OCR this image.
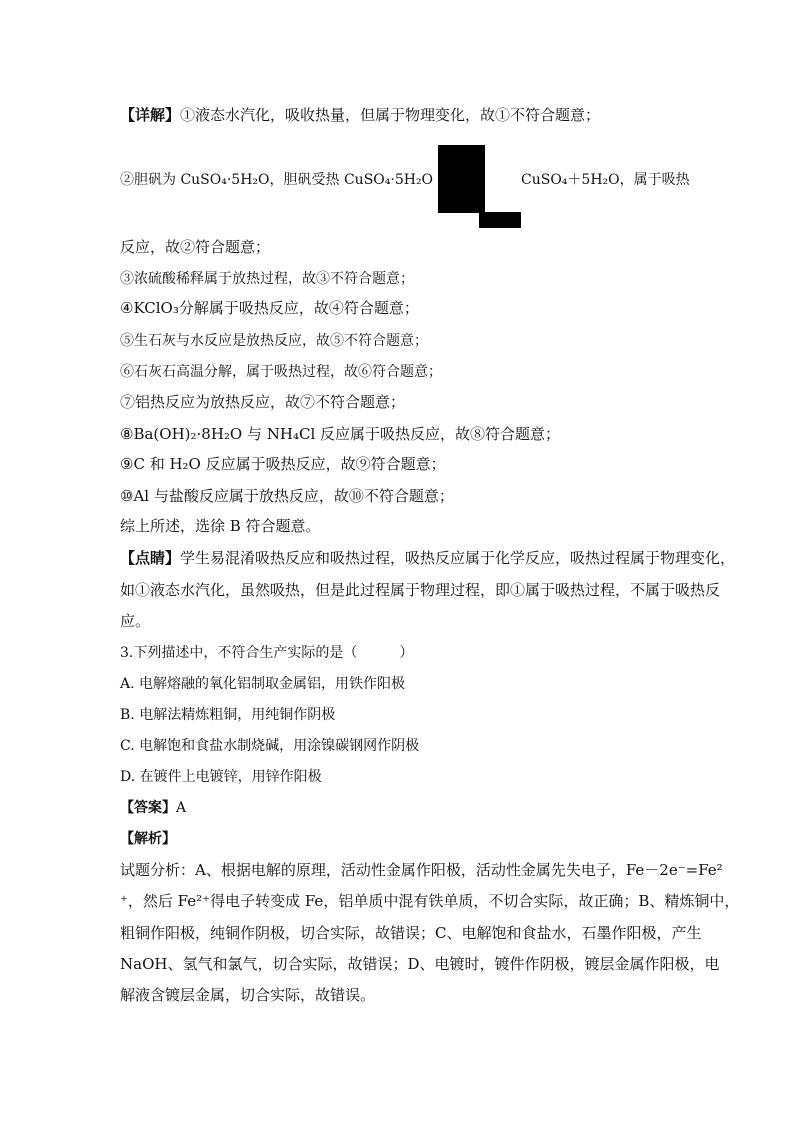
【详解】①液态水汽化，吸收热量，但属于物理变化，故①不符合题意；
②胆矾为 CuSO₄·5H₂O，胆矾受热 CuSO₄·5H₂O	CuSO₄＋5H₂O，属于吸热
反应，故②符合题意；
③浓硫酸稀释属于放热过程，故③不符合题意；
④KClO₃分解属于吸热反应，故④符合题意；
⑤生石灰与水反应是放热反应，故⑤不符合题意；
⑥石灰石高温分解，属于吸热过程，故⑥符合题意；
⑦铝热反应为放热反应，故⑦不符合题意；
⑧Ba(OH)₂·8H₂O 与 NH₄Cl 反应属于吸热反应，故⑧符合题意；
⑨C 和 H₂O 反应属于吸热反应，故⑨符合题意；
⑩Al 与盐酸反应属于放热反应，故⑩不符合题意；
综上所述，选徐 B 符合题意。
【点睛】学生易混淆吸热反应和吸热过程，吸热反应属于化学反应，吸热过程属于物理变化，
如①液态水汽化，虽然吸热，但是此过程属于物理过程，即①属于吸热过程，不属于吸热反
应。
3.下列描述中，不符合生产实际的是（　　　）
A. 电解熔融的氧化铝制取金属铝，用铁作阳极
B. 电解法精炼粗铜，用纯铜作阴极
C. 电解饱和食盐水制烧碱，用涂镍碳钢网作阴极
D. 在镀件上电镀锌，用锌作阳极
【答案】A
【解析】
试题分析：A、根据电解的原理，活动性金属作阳极，活动性金属先失电子，Fe－2e⁻=Fe²
⁺，然后 Fe²⁺得电子转变成 Fe，铝单质中混有铁单质，不切合实际，故正确；B、精炼铜中，
粗铜作阳极，纯铜作阴极，切合实际，故错误；C、电解饱和食盐水，石墨作阳极，产生
NaOH、氢气和氯气，切合实际，故错误；D、电镀时，镀件作阴极，镀层金属作阳极，电
解液含镀层金属，切合实际，故错误。
